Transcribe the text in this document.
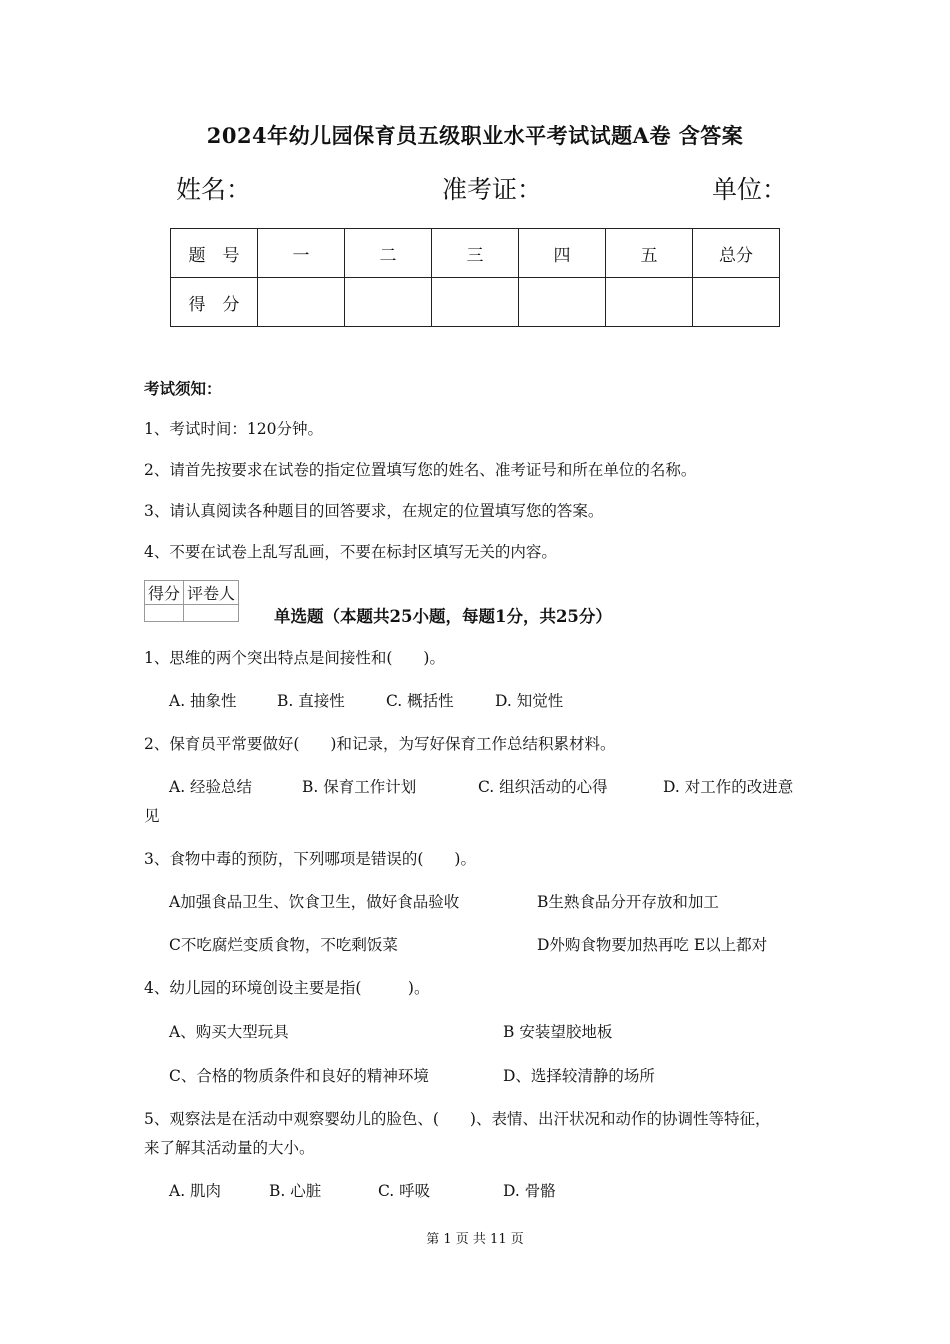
2024年幼儿园保育员五级职业水平考试试题A卷 含答案
姓名：	准考证：	单位：
题　号	一	二	三	四	五	总分
得　分						
考试须知：
1、考试时间：120分钟。
2、请首先按要求在试卷的指定位置填写您的姓名、准考证号和所在单位的名称。
3、请认真阅读各种题目的回答要求，在规定的位置填写您的答案。
4、不要在试卷上乱写乱画，不要在标封区填写无关的内容。
得分	评卷人

单选题（本题共25小题，每题1分，共25分）
1、思维的两个突出特点是间接性和(　　)。
A. 抽象性	B. 直接性	C. 概括性	D. 知觉性
2、保育员平常要做好(　　)和记录，为写好保育工作总结积累材料。
A. 经验总结	B. 保育工作计划	C. 组织活动的心得	D. 对工作的改进意
见
3、食物中毒的预防，下列哪项是错误的(　　)。
A加强食品卫生、饮食卫生，做好食品验收	B生熟食品分开存放和加工
C不吃腐烂变质食物，不吃剩饭菜	D外购食物要加热再吃 E以上都对
4、幼儿园的环境创设主要是指(　　　)。
A、购买大型玩具	B 安装望胶地板
C、合格的物质条件和良好的精神环境	D、选择较清静的场所
5、观察法是在活动中观察婴幼儿的脸色、(　　)、表情、出汗状况和动作的协调性等特征，
来了解其活动量的大小。
A. 肌肉	B. 心脏	C. 呼吸	D. 骨骼
第 1 页 共 11 页
